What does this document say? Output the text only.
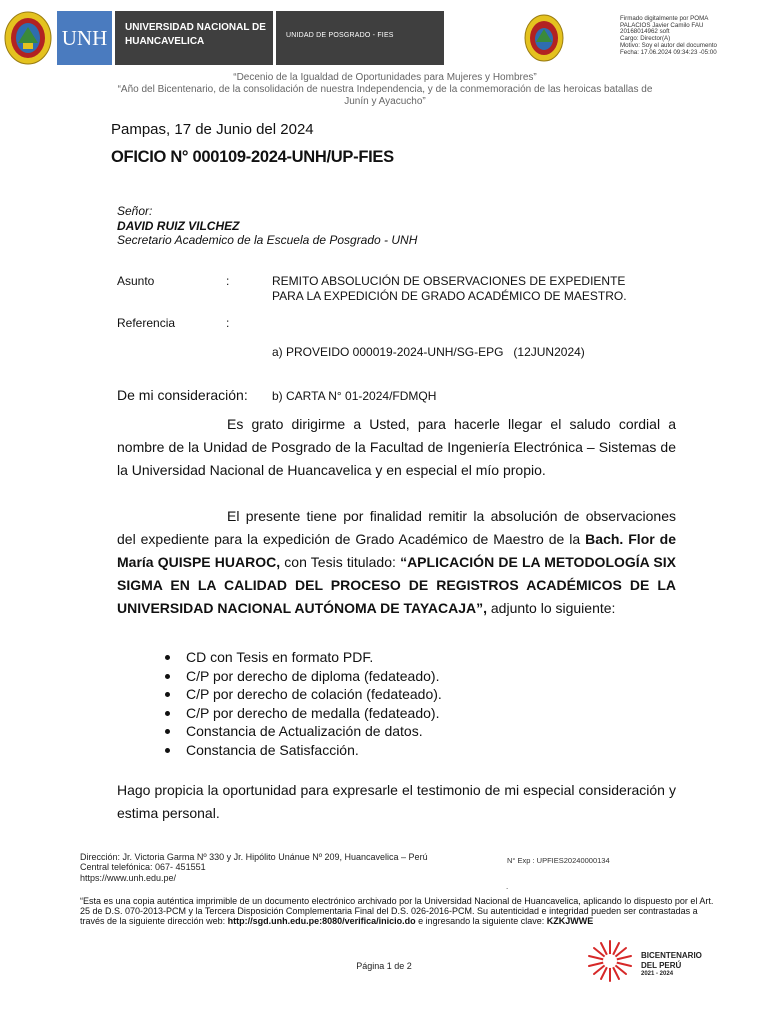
UNH UNIVERSIDAD NACIONAL DE
HUANCAVELICA
UNIDAD DE POSGRADO - FIES
Firmado digitalmente por POMA
PALACIOS Javier Camilo FAU
20168014962 soft
Cargo: Director(A)
Motivo: Soy el autor del documento
Fecha: 17.06.2024 09:34:23 -05:00
“Decenio de la Igualdad de Oportunidades para Mujeres y Hombres”
“Año del Bicentenario, de la consolidación de nuestra Independencia, y de la conmemoración de las heroicas batallas de
Junín y Ayacucho”
Pampas, 17 de Junio del 2024
OFICIO N° 000109-2024-UNH/UP-FIES
Señor:
DAVID RUIZ VILCHEZ
Secretario Academico de la Escuela de Posgrado - UNH
Asunto	:	REMITO ABSOLUCIÓN DE OBSERVACIONES DE EXPEDIENTE
PARA LA EXPEDICIÓN DE GRADO ACADÉMICO DE MAESTRO.
Referencia	:

a) PROVEIDO 000019-2024-UNH/SG-EPG   (12JUN2024)

b) CARTA N° 01-2024/FDMQH

De mi consideración:

Es grato dirigirme a Usted, para hacerle llegar el saludo cordial a nombre de la Unidad de Posgrado de la Facultad de Ingeniería Electrónica – Sistemas de la Universidad Nacional de Huancavelica y en especial el mío propio.

El presente tiene por finalidad remitir la absolución de observaciones del expediente para la expedición de Grado Académico de Maestro de la Bach. Flor de María QUISPE HUAROC, con Tesis titulado: “APLICACIÓN DE LA METODOLOGÍA SIX SIGMA EN LA CALIDAD DEL PROCESO DE REGISTROS ACADÉMICOS DE LA UNIVERSIDAD NACIONAL AUTÓNOMA DE TAYACAJA”, adjunto lo siguiente:

CD con Tesis en formato PDF.
C/P por derecho de diploma (fedateado).
C/P por derecho de colación (fedateado).
C/P por derecho de medalla (fedateado).
Constancia de Actualización de datos.
Constancia de Satisfacción.
Hago propicia la oportunidad para expresarle el testimonio de mi especial consideración y estima personal.
Dirección: Jr. Victoria Garma Nº 330 y Jr. Hipólito Unánue Nº 209, Huancavelica – Perú
Central telefónica: 067- 451551
https://www.unh.edu.pe/
N° Exp : UPFIES20240000134
.
“Esta es una copia auténtica imprimible de un documento electrónico archivado por la Universidad Nacional de Huancavelica, aplicando lo dispuesto por el Art. 25 de D.S. 070-2013-PCM y la Tercera Disposición Complementaria Final del D.S. 026-2016-PCM. Su autenticidad e integridad pueden ser contrastadas a través de la siguiente dirección web: http://sgd.unh.edu.pe:8080/verifica/inicio.do e ingresando la siguiente clave: KZKJWWE
Página 1 de 2
BICENTENARIO
DEL PERÚ
2021 - 2024
